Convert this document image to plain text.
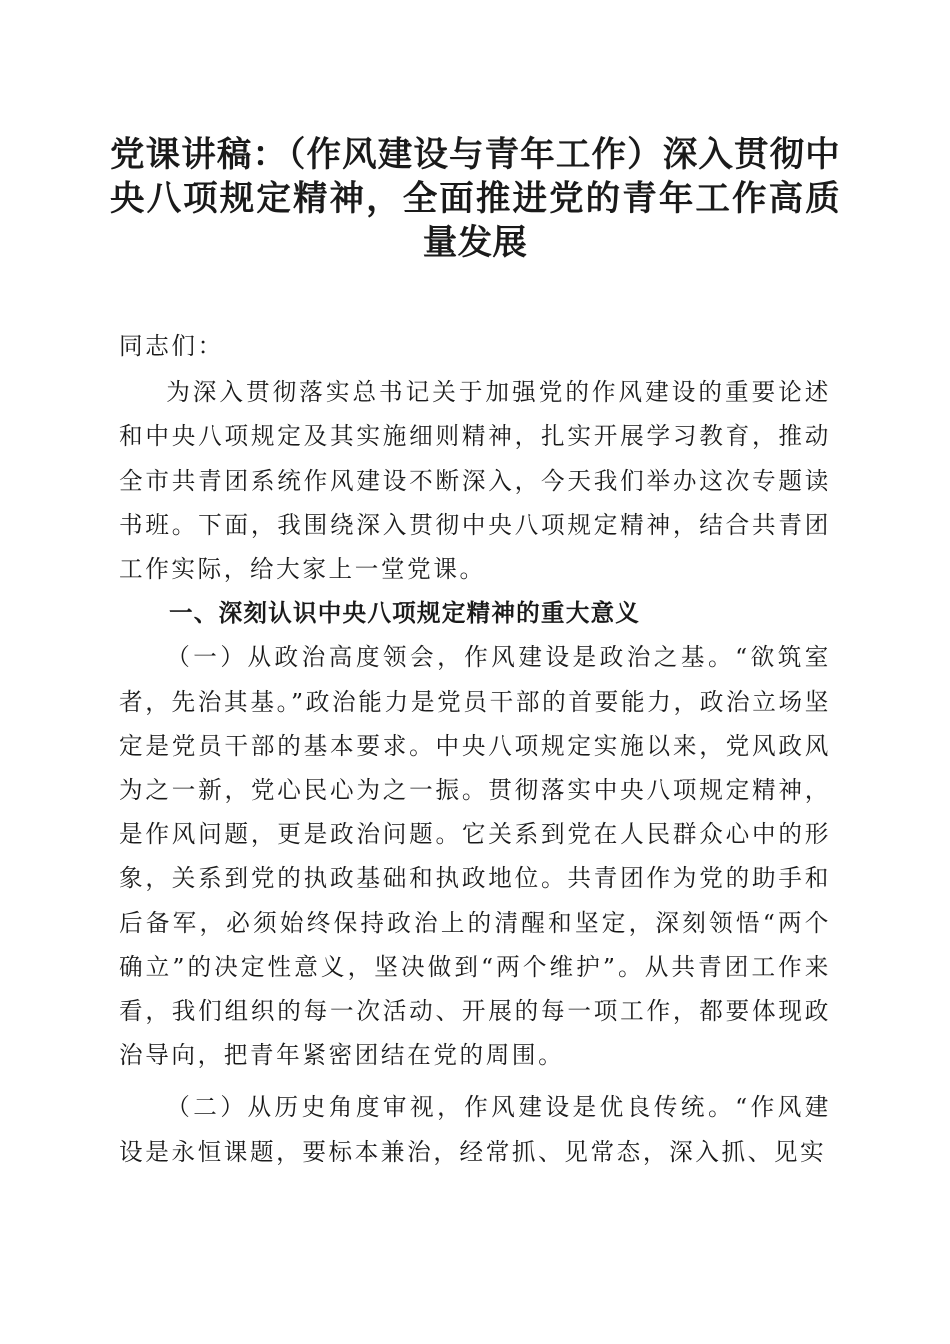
党课讲稿：（作风建设与青年工作）深入贯彻中央八项规定精神，全面推进党的青年工作高质量发展

同志们：

为深入贯彻落实总书记关于加强党的作风建设的重要论述和中央八项规定及其实施细则精神，扎实开展学习教育，推动全市共青团系统作风建设不断深入，今天我们举办这次专题读书班。下面，我围绕深入贯彻中央八项规定精神，结合共青团工作实际，给大家上一堂党课。

一、深刻认识中央八项规定精神的重大意义

（一）从政治高度领会，作风建设是政治之基。“欲筑室者，先治其基。”政治能力是党员干部的首要能力，政治立场坚定是党员干部的基本要求。中央八项规定实施以来，党风政风为之一新，党心民心为之一振。贯彻落实中央八项规定精神，是作风问题，更是政治问题。它关系到党在人民群众心中的形象，关系到党的执政基础和执政地位。共青团作为党的助手和后备军，必须始终保持政治上的清醒和坚定，深刻领悟“两个确立”的决定性意义，坚决做到“两个维护”。从共青团工作来看，我们组织的每一次活动、开展的每一项工作，都要体现政治导向，把青年紧密团结在党的周围。

（二）从历史角度审视，作风建设是优良传统。“作风建设是永恒课题，要标本兼治，经常抓、见常态，深入抓、见实
